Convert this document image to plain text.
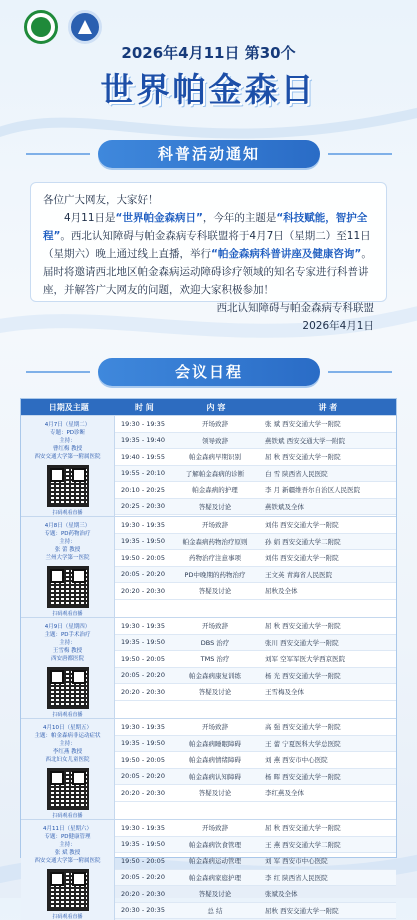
2026年4月11日 第30个
世界帕金森日
科普活动通知

各位广大网友，大家好！

4月11日是“世界帕金森病日”，今年的主题是“科技赋能，智护全程”。西北认知障碍与帕金森病专科联盟将于4月7日（星期二）至11日（星期六）晚上通过线上直播，举行“帕金森病科普讲座及健康咨询”。届时将邀请西北地区帕金森病运动障碍诊疗领域的知名专家进行科普讲座，并解答广大网友的问题，欢迎大家积极参加！

西北认知障碍与帕金森病专科联盟

2026年4月1日

会议日程
日期及主题	时 间	内 容	讲 者
4月7日（星期二）
专题：PD诊断
主持：
曹红梅 教授
西安交通大学第一附属医院
扫码观看直播
19:30 - 19:35	开场致辞	张 斌 西安交通大学一附院
19:35 - 19:40	领导致辞	燕铁斌 西安交通大学一附院
19:40 - 19:55	帕金森病早期识别	屈 秋 西安交通大学一附院
19:55 - 20:10	了解帕金森病的诊断	白 雪 陕西省人民医院
20:10 - 20:25	帕金森病的护理	李 月 新疆维吾尔自治区人民医院
20:25 - 20:30	答疑及讨论	燕铁斌及全体
4月8日（星期三）
专题：PD药物治疗
主持：
张 蕾 教授
兰州大学第一医院
扫码观看直播
19:30 - 19:35	开场致辞	刘伟 西安交通大学一附院
19:35 - 19:50	帕金森病药物治疗原则	孙 娟 西安交通大学二附院
19:50 - 20:05	药物治疗注意事项	刘伟 西安交通大学一附院
20:05 - 20:20	PD中晚期的药物治疗	王文英 青海省人民医院
20:20 - 20:30	答疑及讨论	屈秋及全体
4月9日（星期四）
主题：PD手术治疗
主持：
王雪梅 教授
西安唐都医院
扫码观看直播
19:30 - 19:35	开场致辞	屈 秋 西安交通大学一附院
19:35 - 19:50	DBS 治疗	张川 西安交通大学一附院
19:50 - 20:05	TMS 治疗	刘军 空军军医大学西京医院
20:05 - 20:20	帕金森病康复训练	杨 光 西安交通大学一附院
20:20 - 20:30	答疑及讨论	王雪梅及全体
4月10日（星期五）
主题：帕金森病非运动症状
主持：
李红燕 教授
西北妇女儿童医院
扫码观看直播
19:30 - 19:35	开场致辞	高 强 西安交通大学一附院
19:35 - 19:50	帕金森病睡眠障碍	王 蕾 宁夏医科大学总医院
19:50 - 20:05	帕金森病情绪障碍	刘 燕 西安市中心医院
20:05 - 20:20	帕金森病认知障碍	杨 晖 西安交通大学一附院
20:20 - 20:30	答疑及讨论	李红燕及全体
4月11日（星期六）
专题：PD健康管理
主持：
张 斌 教授
西安交通大学第一附属医院
扫码观看直播
19:30 - 19:35	开场致辞	屈 秋 西安交通大学一附院
19:35 - 19:50	帕金森病饮食管理	王 燕 西安交通大学二附院
19:50 - 20:05	帕金森病运动管理	刘 军 西安市中心医院
20:05 - 20:20	帕金森病家庭护理	李 红 陕西省人民医院
20:20 - 20:30	答疑及讨论	张斌及全体
20:30 - 20:35	总 结	屈秋 西安交通大学一附院
